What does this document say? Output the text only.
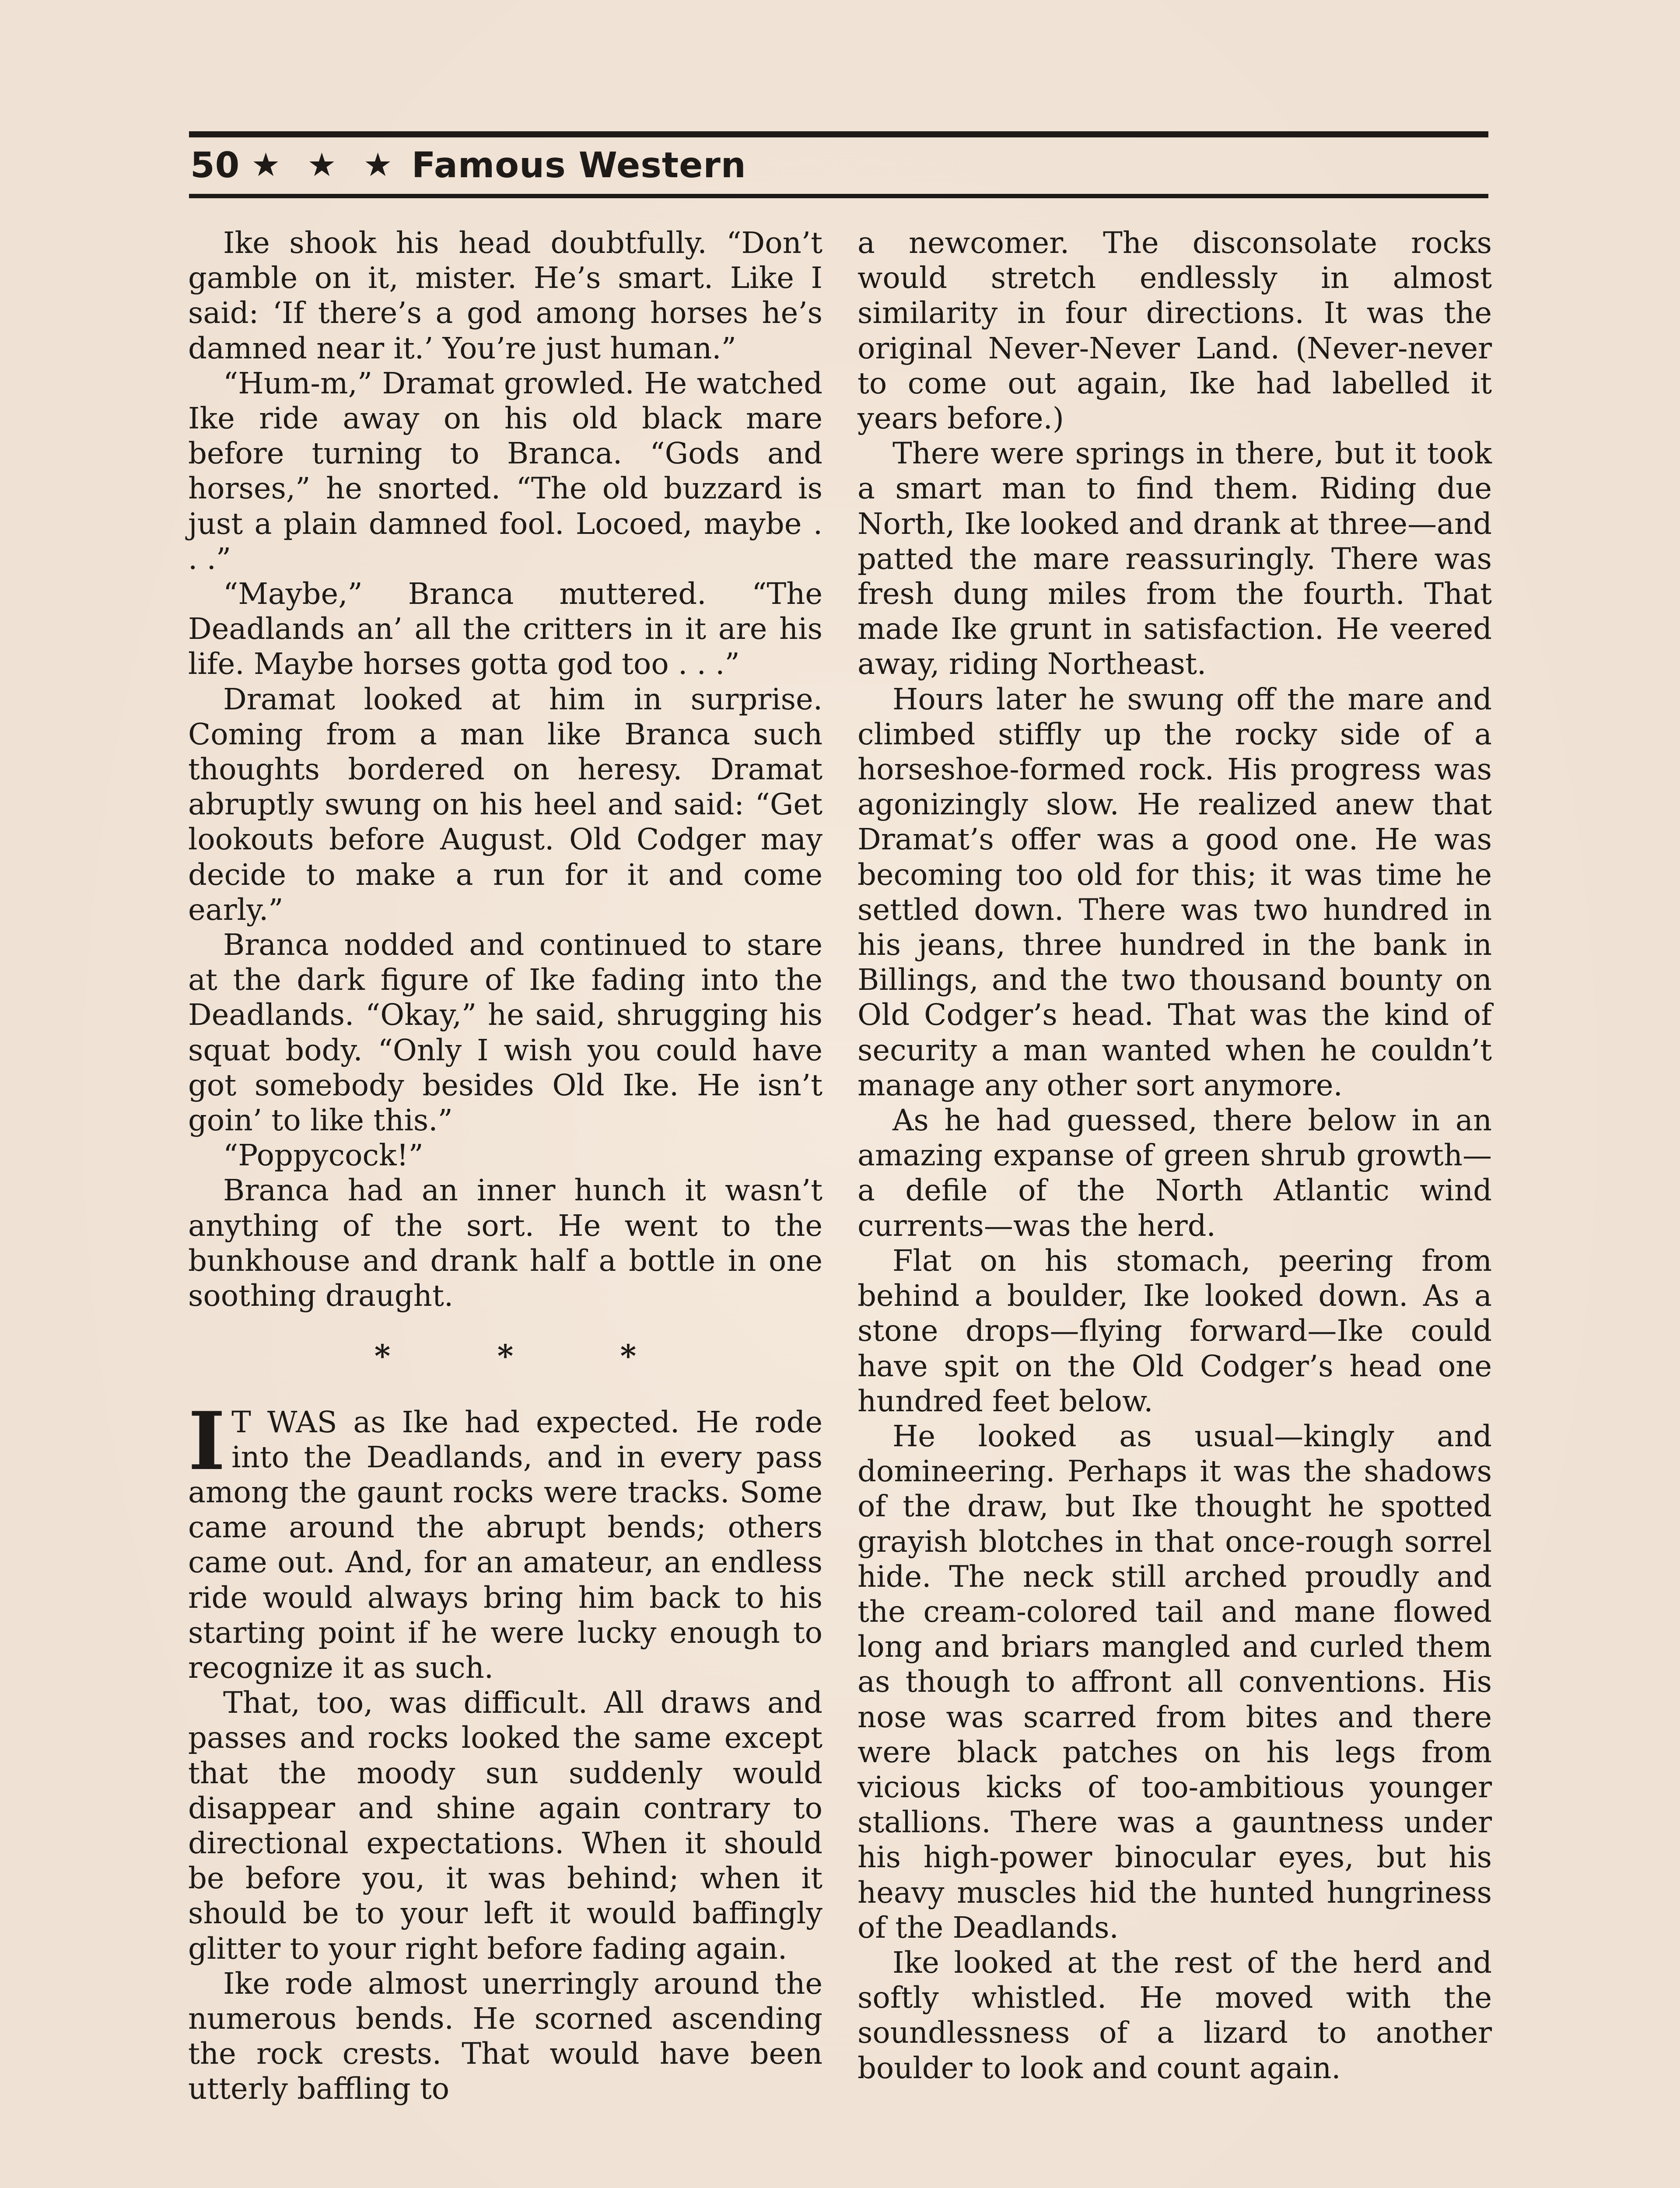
50 ★ ★ ★ Famous Western

Ike shook his head doubtfully. “Don’t gamble on it, mister. He’s smart. Like I said: ‘If there’s a god among horses he’s damned near it.’ You’re just human.”

“Hum-m,” Dramat growled. He watched Ike ride away on his old black mare before turning to Branca. “Gods and horses,” he snorted. “The old buzzard is just a plain damned fool. Locoed, maybe . . .”

“Maybe,” Branca muttered. “The Deadlands an’ all the critters in it are his life. Maybe horses gotta god too . . .”

Dramat looked at him in surprise. Coming from a man like Branca such thoughts bordered on heresy. Dramat abruptly swung on his heel and said: “Get lookouts before August. Old Codger may decide to make a run for it and come early.”

Branca nodded and continued to stare at the dark figure of Ike fading into the Deadlands. “Okay,” he said, shrugging his squat body. “Only I wish you could have got somebody besides Old Ike. He isn’t goin’ to like this.”

“Poppycock!”

Branca had an inner hunch it wasn’t anything of the sort. He went to the bunkhouse and drank half a bottle in one soothing draught.

* * *

I T WAS as Ike had expected. He rode into the Deadlands, and in every pass among the gaunt rocks were tracks. Some came around the abrupt bends; others came out. And, for an amateur, an endless ride would always bring him back to his starting point if he were lucky enough to recognize it as such.

That, too, was difficult. All draws and passes and rocks looked the same except that the moody sun suddenly would disappear and shine again contrary to directional expectations. When it should be before you, it was behind; when it should be to your left it would baffingly glitter to your right before fading again.

Ike rode almost unerringly around the numerous bends. He scorned ascending the rock crests. That would have been utterly baffling to

a newcomer. The disconsolate rocks would stretch endlessly in almost similarity in four directions. It was the original Never-Never Land. (Never-never to come out again, Ike had labelled it years before.)

There were springs in there, but it took a smart man to find them. Riding due North, Ike looked and drank at three—and patted the mare reassuringly. There was fresh dung miles from the fourth. That made Ike grunt in satisfaction. He veered away, riding Northeast.

Hours later he swung off the mare and climbed stiffly up the rocky side of a horseshoe-formed rock. His progress was agonizingly slow. He realized anew that Dramat’s offer was a good one. He was becoming too old for this; it was time he settled down. There was two hundred in his jeans, three hundred in the bank in Billings, and the two thousand bounty on Old Codger’s head. That was the kind of security a man wanted when he couldn’t manage any other sort anymore.

As he had guessed, there below in an amazing expanse of green shrub growth—a defile of the North Atlantic wind currents—was the herd.

Flat on his stomach, peering from behind a boulder, Ike looked down. As a stone drops—flying forward—Ike could have spit on the Old Codger’s head one hundred feet below.

He looked as usual—kingly and domineering. Perhaps it was the shadows of the draw, but Ike thought he spotted grayish blotches in that once-rough sorrel hide. The neck still arched proudly and the cream-colored tail and mane flowed long and briars mangled and curled them as though to affront all conventions. His nose was scarred from bites and there were black patches on his legs from vicious kicks of too-ambitious younger stallions. There was a gauntness under his high-power binocular eyes, but his heavy muscles hid the hunted hungriness of the Deadlands.

Ike looked at the rest of the herd and softly whistled. He moved with the soundlessness of a lizard to another boulder to look and count again.
